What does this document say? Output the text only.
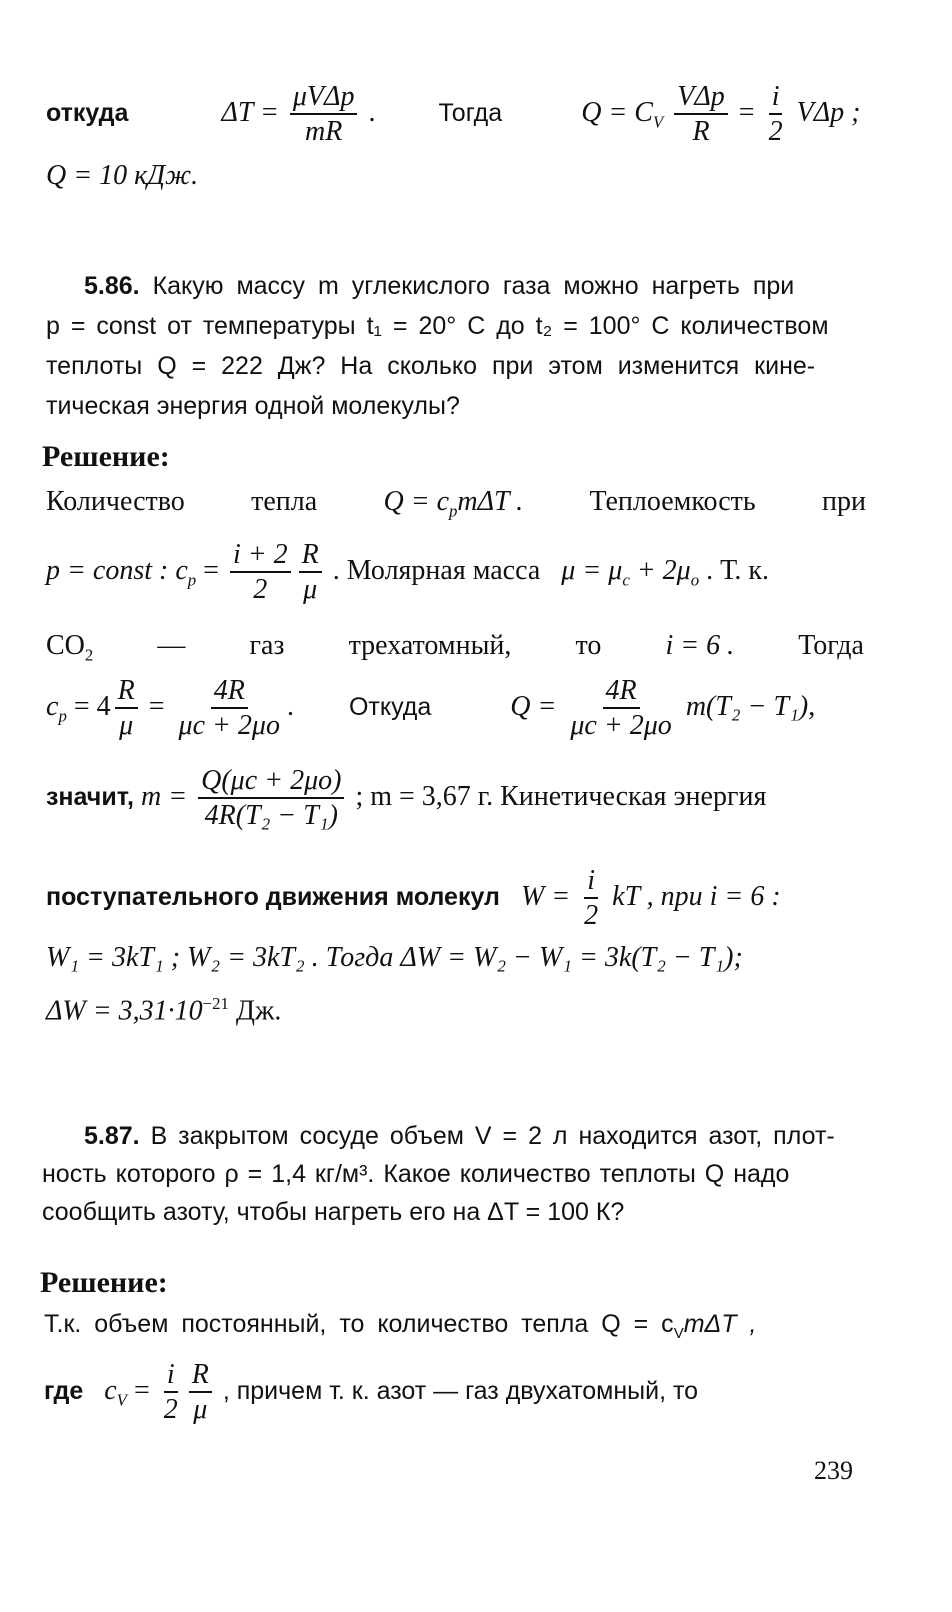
откуда	$\Delta T = \frac{\text{μVΔp}}{mR}$ .	Тогда	$Q = C_V \frac{\text{VΔp}}{R} = \frac{i}{2}$ VΔp ;
Q = 10 кДж.
5.86. Какую массу m углекислого газа можно нагреть при
p = const от температуры t₁ = 20° C до t₂ = 100° C количеством
теплоты Q = 222 Дж? На сколько при этом изменится кине-
тическая энергия одной молекулы?
Решение:
Количество тепла $Q = c_pm\Delta T$ . Теплоемкость при
p = const : $c_p = \frac{i + 2}{2} \frac{R}{\mu}$ . Молярная масса $\mu = \mu_c + 2\mu_o$ . Т. к.
$CO_2$ — газ трехатомный, то i = 6 . Тогда
$c_p = 4 \frac{R}{\mu} = \frac{4R}{\mu c + 2\mu o}$ . Откуда	$Q = \frac{4R}{\mu c + 2\mu o} m(T_2 - T_1)$,
значит, $m = \frac{Q(\mu c + 2\mu o)}{\text{4R(T₂ − T₁)}}$ ; m = 3,67 г. Кинетическая энергия
поступательного движения молекул $W = \frac{i}{2}$ kT , при i = 6 :
W₁ = 3kT₁ ; W₂ = 3kT₂ . Тогда ΔW = W₂ − W₁ = 3k(T₂ − T₁);
$\Delta W = 3,31\cdot 10^{-21}$ Дж.
5.87. В закрытом сосуде объем V = 2 л находится азот, плот-
ность которого ρ = 1,4 кг/м³. Какое количество теплоты Q надо
сообщить азоту, чтобы нагреть его на ΔT = 100 К?
Решение:
Т.к. объем постоянный, то количество тепла $Q = c_Vm\Delta T$ ,
где $c_V = \frac{i}{2} \frac{R}{\mu}$ , причем т. к. азот — газ двухатомный, то
239
